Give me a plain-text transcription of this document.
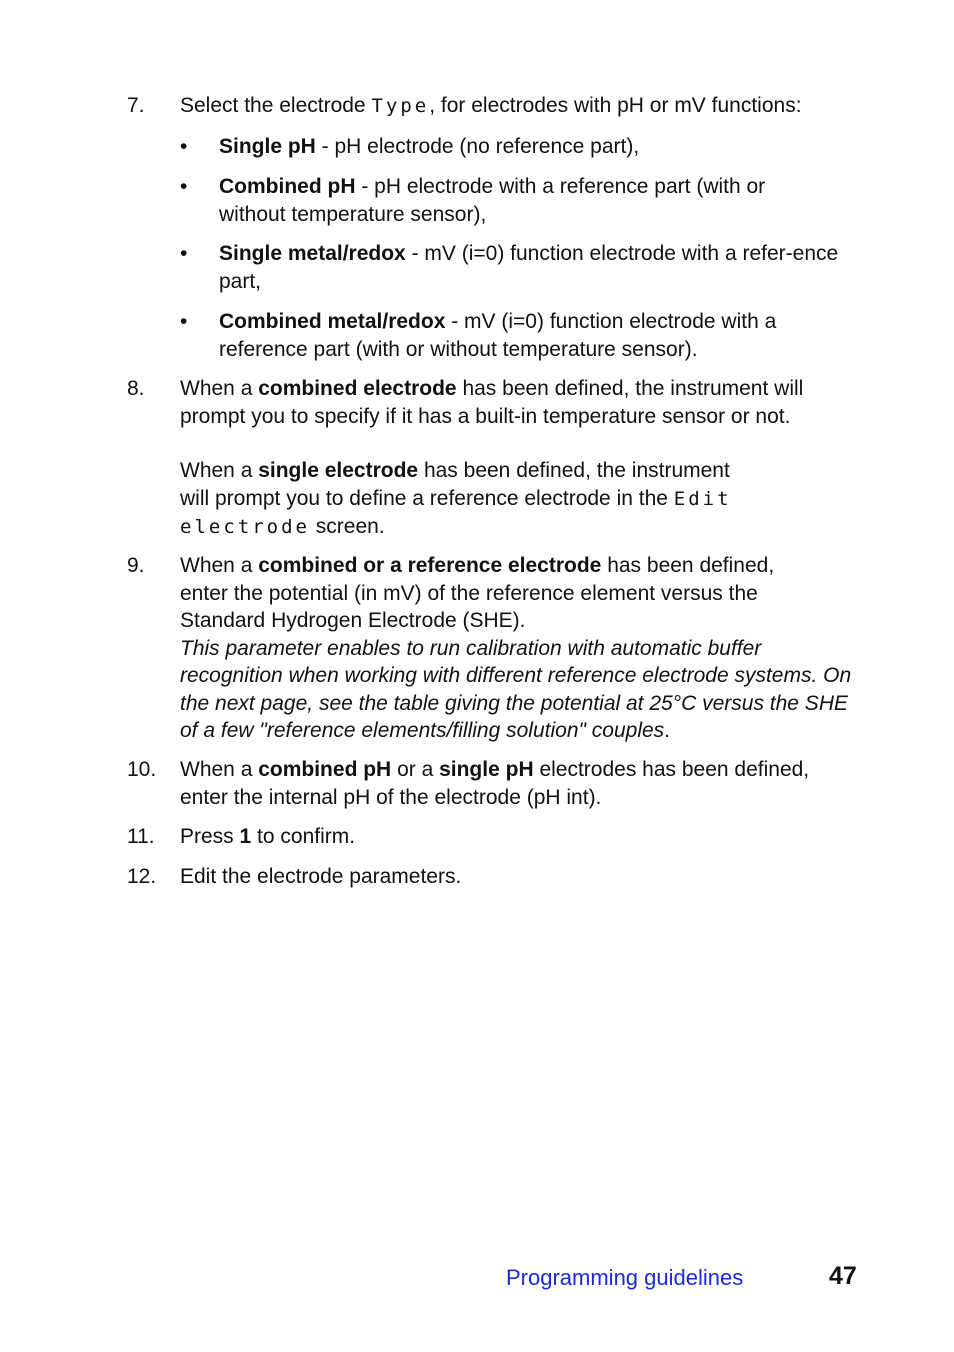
7.	Select the electrode Type, for electrodes with pH or mV functions:
• Single pH - pH electrode (no reference part),
• Combined pH - pH electrode with a reference part (with or without temperature sensor),
• Single metal/redox - mV (i=0) function electrode with a refer-ence part,
• Combined metal/redox - mV (i=0) function electrode with a reference part (with or without temperature sensor).
8.	When a combined electrode has been defined, the instrument will prompt you to specify if it has a built-in temperature sensor or not.
When a single electrode has been defined, the instrument will prompt you to define a reference electrode in the Edit electrode screen.
9.	When a combined or a reference electrode has been defined, enter the potential (in mV) of the reference element versus the Standard Hydrogen Electrode (SHE).
This parameter enables to run calibration with automatic buffer recognition when working with different reference electrode systems. On the next page, see the table giving the potential at 25°C versus the SHE of a few "reference elements/filling solution" couples.
10.	When a combined pH or a single pH electrodes has been defined, enter the internal pH of the electrode (pH int).
11.	Press 1 to confirm.
12.	Edit the electrode parameters.
Programming guidelines	47
